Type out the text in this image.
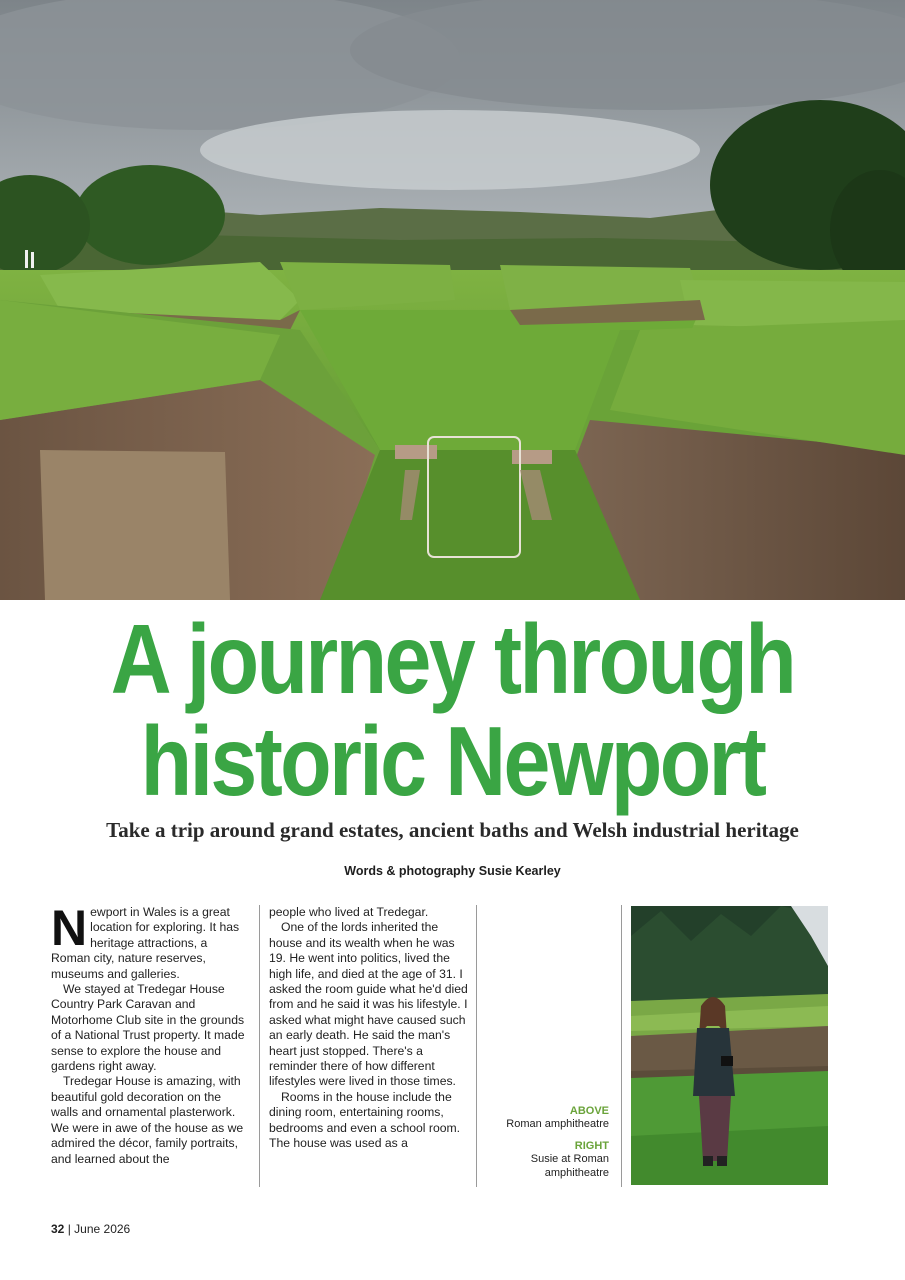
A journey through
historic Newport
Take a trip around grand estates, ancient baths and Welsh industrial heritage
Words & photography Susie Kearley

Newport in Wales is a great location for exploring. It has heritage attractions, a Roman city, nature reserves, museums and galleries.

We stayed at Tredegar House Country Park Caravan and Motorhome Club site in the grounds of a National Trust property. It made sense to explore the house and gardens right away.

Tredegar House is amazing, with beautiful gold decoration on the walls and ornamental plasterwork. We were in awe of the house as we admired the décor, family portraits, and learned about the

people who lived at Tredegar.

One of the lords inherited the house and its wealth when he was 19. He went into politics, lived the high life, and died at the age of 31. I asked the room guide what he'd died from and he said it was his lifestyle. I asked what might have caused such an early death. He said the man's heart just stopped. There's a reminder there of how different lifestyles were lived in those times.

Rooms in the house include the dining room, entertaining rooms, bedrooms and even a school room. The house was used as a

ABOVE
Roman amphitheatre
RIGHT
Susie at Roman amphitheatre
32 | June 2026
